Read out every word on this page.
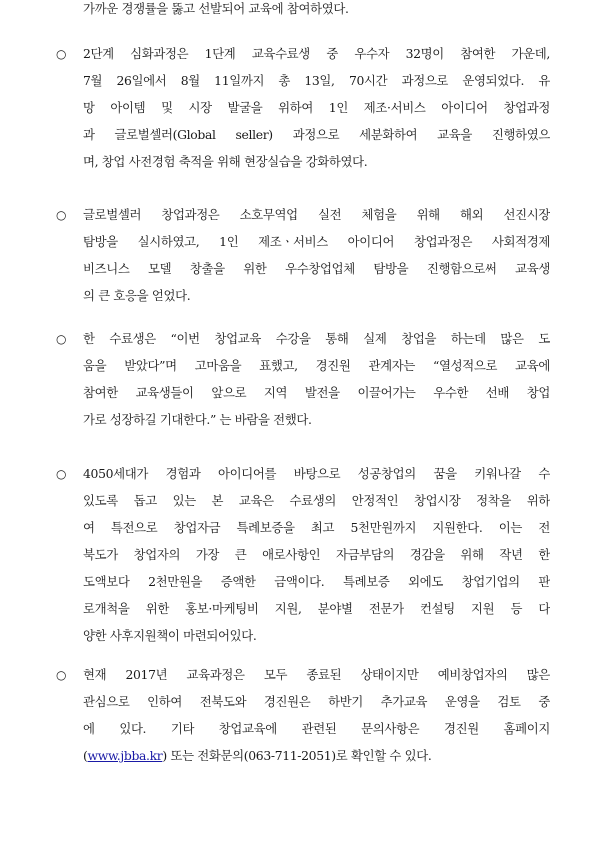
가까운 경쟁률을 뚫고 선발되어 교육에 참여하였다.
○ 2단계 심화과정은 1단계 교육수료생 중 우수자 32명이 참여한 가운데,
7월 26일에서 8월 11일까지 총 13일, 70시간 과정으로 운영되었다. 유
망 아이템 및 시장 발굴을 위하여 1인 제조·서비스 아이디어 창업과정
과 글로벌셀러(Global seller) 과정으로 세분화하여 교육을 진행하였으
며, 창업 사전경험 축적을 위해 현장실습을 강화하였다.
○ 글로벌셀러 창업과정은 소호무역업 실전 체험을 위해 해외 선진시장
탐방을 실시하였고, 1인 제조ㆍ서비스 아이디어 창업과정은 사회적경제
비즈니스 모델 창출을 위한 우수창업업체 탐방을 진행함으로써 교육생
의 큰 호응을 얻었다.
○ 한 수료생은 “이번 창업교육 수강을 통해 실제 창업을 하는데 많은 도
움을 받았다”며 고마움을 표했고, 경진원 관계자는 “열성적으로 교육에
참여한 교육생들이 앞으로 지역 발전을 이끌어가는 우수한 선배 창업
가로 성장하길 기대한다.” 는 바람을 전했다.
○ 4050세대가 경험과 아이디어를 바탕으로 성공창업의 꿈을 키워나갈 수
있도록 돕고 있는 본 교육은 수료생의 안정적인 창업시장 정착을 위하
여 특전으로 창업자금 특례보증을 최고 5천만원까지 지원한다. 이는 전
북도가 창업자의 가장 큰 애로사항인 자금부담의 경감을 위해 작년 한
도액보다 2천만원을 증액한 금액이다. 특례보증 외에도 창업기업의 판
로개척을 위한 홍보·마케팅비 지원, 분야별 전문가 컨설팅 지원 등 다
양한 사후지원책이 마련되어있다.
○ 현재 2017년 교육과정은 모두 종료된 상태이지만 예비창업자의 많은
관심으로 인하여 전북도와 경진원은 하반기 추가교육 운영을 검토 중
에 있다. 기타 창업교육에 관련된 문의사항은 경진원 홈페이지
(www.jbba.kr) 또는 전화문의(063-711-2051)로 확인할 수 있다.
